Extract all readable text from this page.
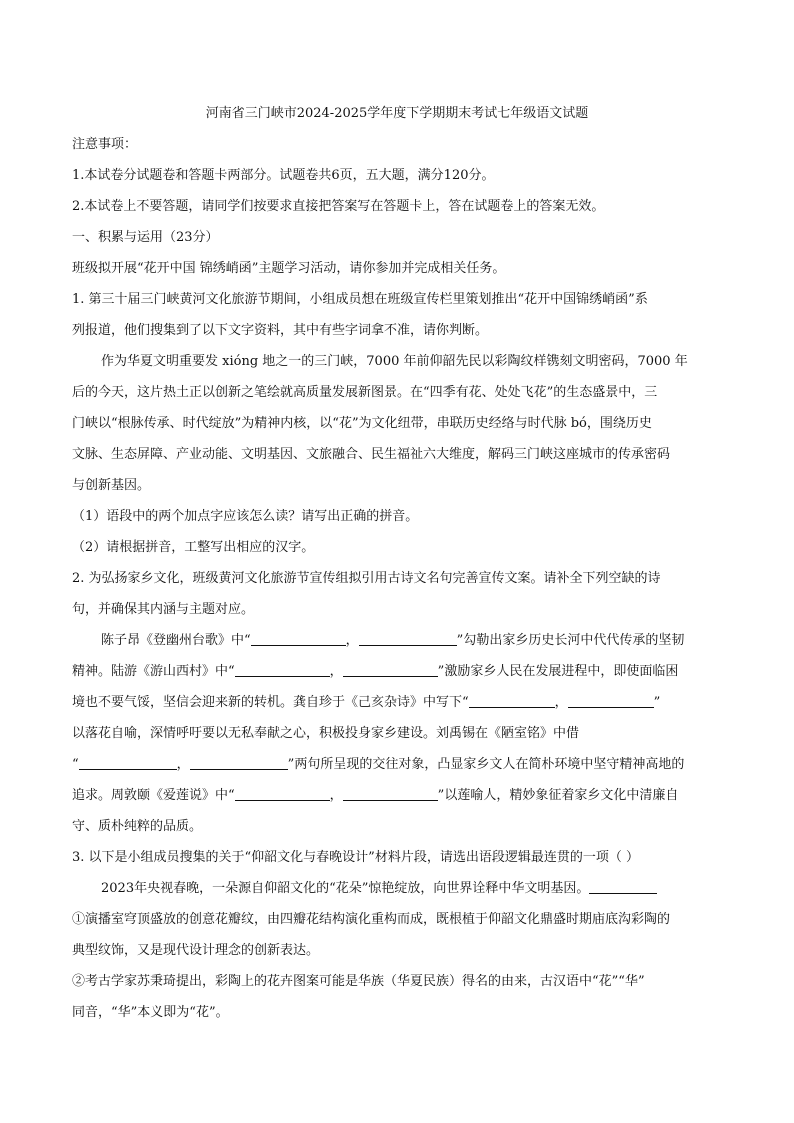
河南省三门峡市2024-2025学年度下学期期末考试七年级语文试题
注意事项：
1.本试卷分试题卷和答题卡两部分。试题卷共6页，五大题，满分120分。
2.本试卷上不要答题，请同学们按要求直接把答案写在答题卡上，答在试题卷上的答案无效。
一、积累与运用（23分）
班级拟开展“花开中国 锦绣峭函”主题学习活动，请你参加并完成相关任务。
1. 第三十届三门峡黄河文化旅游节期间，小组成员想在班级宣传栏里策划推出“花开中国锦绣峭函”系
列报道，他们搜集到了以下文字资料，其中有些字词拿不准，请你判断。
作为华夏文明重要发 xióng 地之一的三门峡，7000 年前仰韶先民以彩陶纹样镌刻文明密码，7000 年
后的今天，这片热土正以创新之笔绘就高质量发展新图景。在“四季有花、处处飞花”的生态盛景中，三
门峡以“根脉传承、时代绽放”为精神内核，以“花”为文化纽带，串联历史经络与时代脉 bó，围绕历史
文脉、生态屏障、产业动能、文明基因、文旅融合、民生福祉六大维度，解码三门峡这座城市的传承密码
与创新基因。
（1）语段中的两个加点字应该怎么读？请写出正确的拼音。
（2）请根据拼音，工整写出相应的汉字。
2. 为弘扬家乡文化，班级黄河文化旅游节宣传组拟引用古诗文名句完善宣传文案。请补全下列空缺的诗
句，并确保其内涵与主题对应。
陈子昂《登幽州台歌》中“	，	”勾勒出家乡历史长河中代代传承的坚韧
精神。陆游《游山西村》中“	，	”激励家乡人民在发展进程中，即使面临困
境也不要气馁，坚信会迎来新的转机。龚自珍于《己亥杂诗》中写下“	，	”
以落花自喻，深情呼吁要以无私奉献之心，积极投身家乡建设。刘禹锡在《陋室铭》中借
“	，	”两句所呈现的交往对象，凸显家乡文人在简朴环境中坚守精神高地的
追求。周敦颐《爱莲说》中“	，	”以莲喻人，精妙象征着家乡文化中清廉自
守、质朴纯粹的品质。
3. 以下是小组成员搜集的关于“仰韶文化与春晚设计”材料片段，请选出语段逻辑最连贯的一项（ ）
2023年央视春晚，一朵源自仰韶文化的“花朵”惊艳绽放，向世界诠释中华文明基因。
①演播室穹顶盛放的创意花瓣纹，由四瓣花结构演化重构而成，既根植于仰韶文化鼎盛时期庙底沟彩陶的
典型纹饰，又是现代设计理念的创新表达。
②考古学家苏秉琦提出，彩陶上的花卉图案可能是华族（华夏民族）得名的由来，古汉语中“花”“华”
同音，“华”本义即为“花”。
